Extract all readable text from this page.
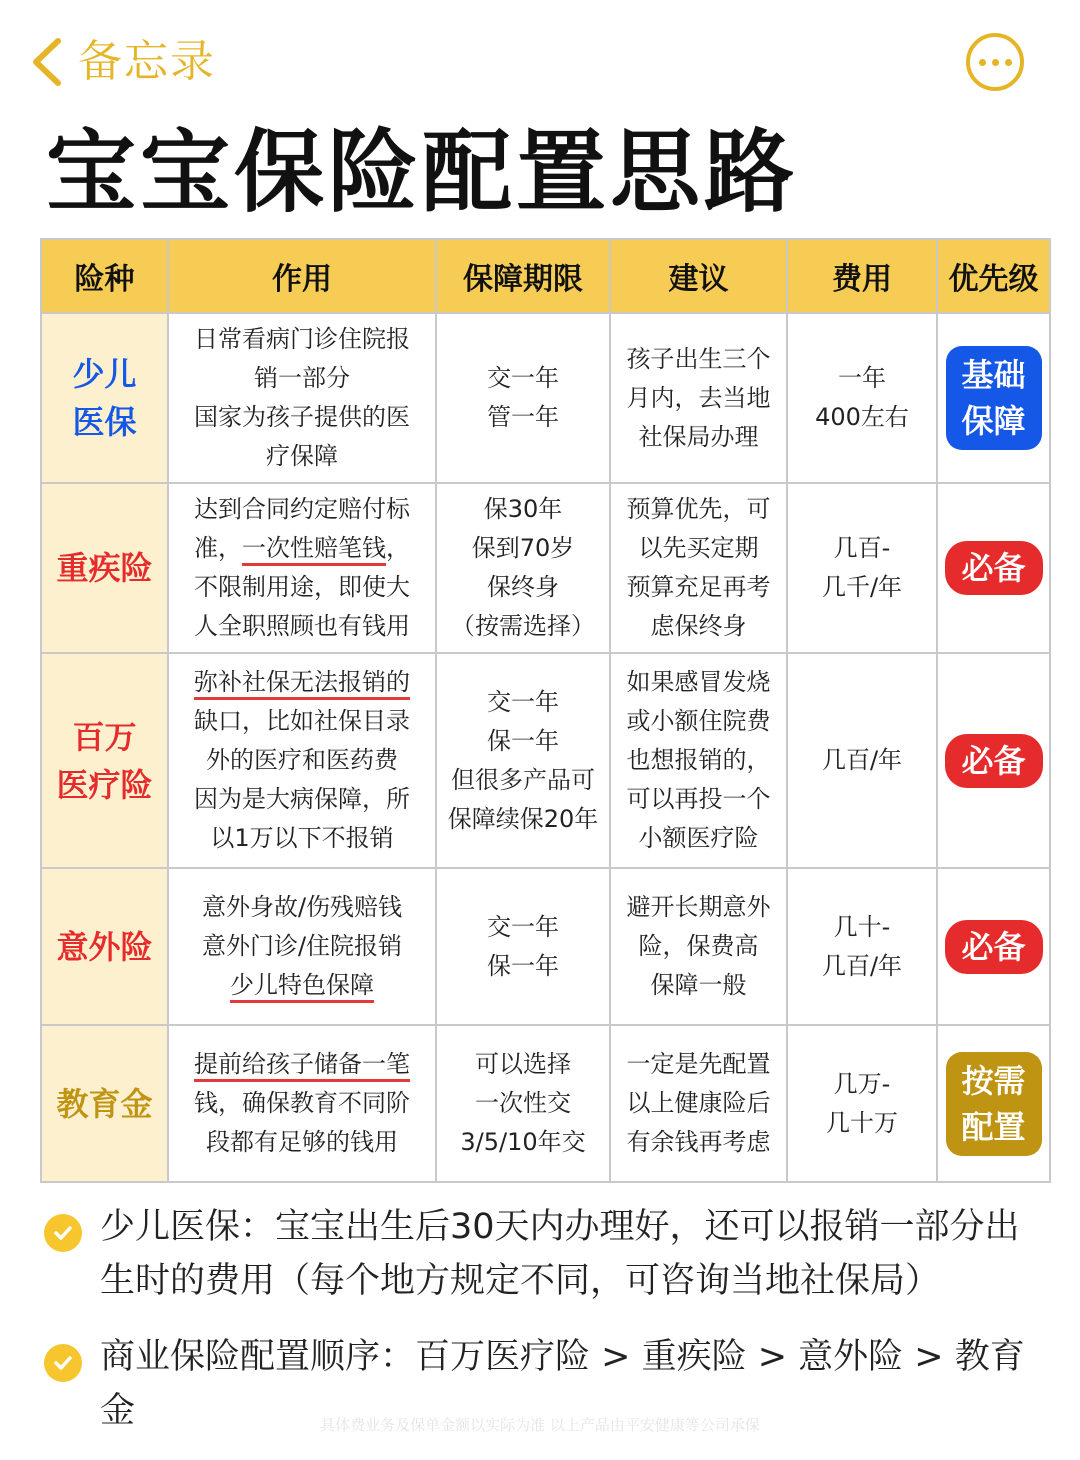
备忘录
宝宝保险配置思路
险种	作用	保障期限	建议	费用	优先级

少儿
医保	日常看病门诊住院报
销一部分
国家为孩子提供的医
疗保障	交一年
管一年	孩子出生三个
月内，去当地
社保局办理	一年
400左右	基础
保障

重疾险	达到合同约定赔付标
准，一次性赔笔钱，
不限制用途，即使大
人全职照顾也有钱用	保30年
保到70岁
保终身
（按需选择）	预算优先，可
以先买定期
预算充足再考
虑保终身	几百-
几千/年	必备

百万
医疗险	弥补社保无法报销的
缺口，比如社保目录
外的医疗和医药费
因为是大病保障，所
以1万以下不报销	交一年
保一年
但很多产品可
保障续保20年	如果感冒发烧
或小额住院费
也想报销的，
可以再投一个
小额医疗险	几百/年	必备

意外险	意外身故/伤残赔钱
意外门诊/住院报销
少儿特色保障	交一年
保一年	避开长期意外
险，保费高
保障一般	几十-
几百/年	必备

教育金	提前给孩子储备一笔
钱，确保教育不同阶
段都有足够的钱用	可以选择
一次性交
3/5/10年交	一定是先配置
以上健康险后
有余钱再考虑	几万-
几十万	按需
配置
少儿医保：宝宝出生后30天内办理好，还可以报销一部分出生时的费用（每个地方规定不同，可咨询当地社保局）
商业保险配置顺序：百万医疗险 > 重疾险 > 意外险 > 教育金	具体费业务及保单金额以实际为准 以上产品由平安健康等公司承保
